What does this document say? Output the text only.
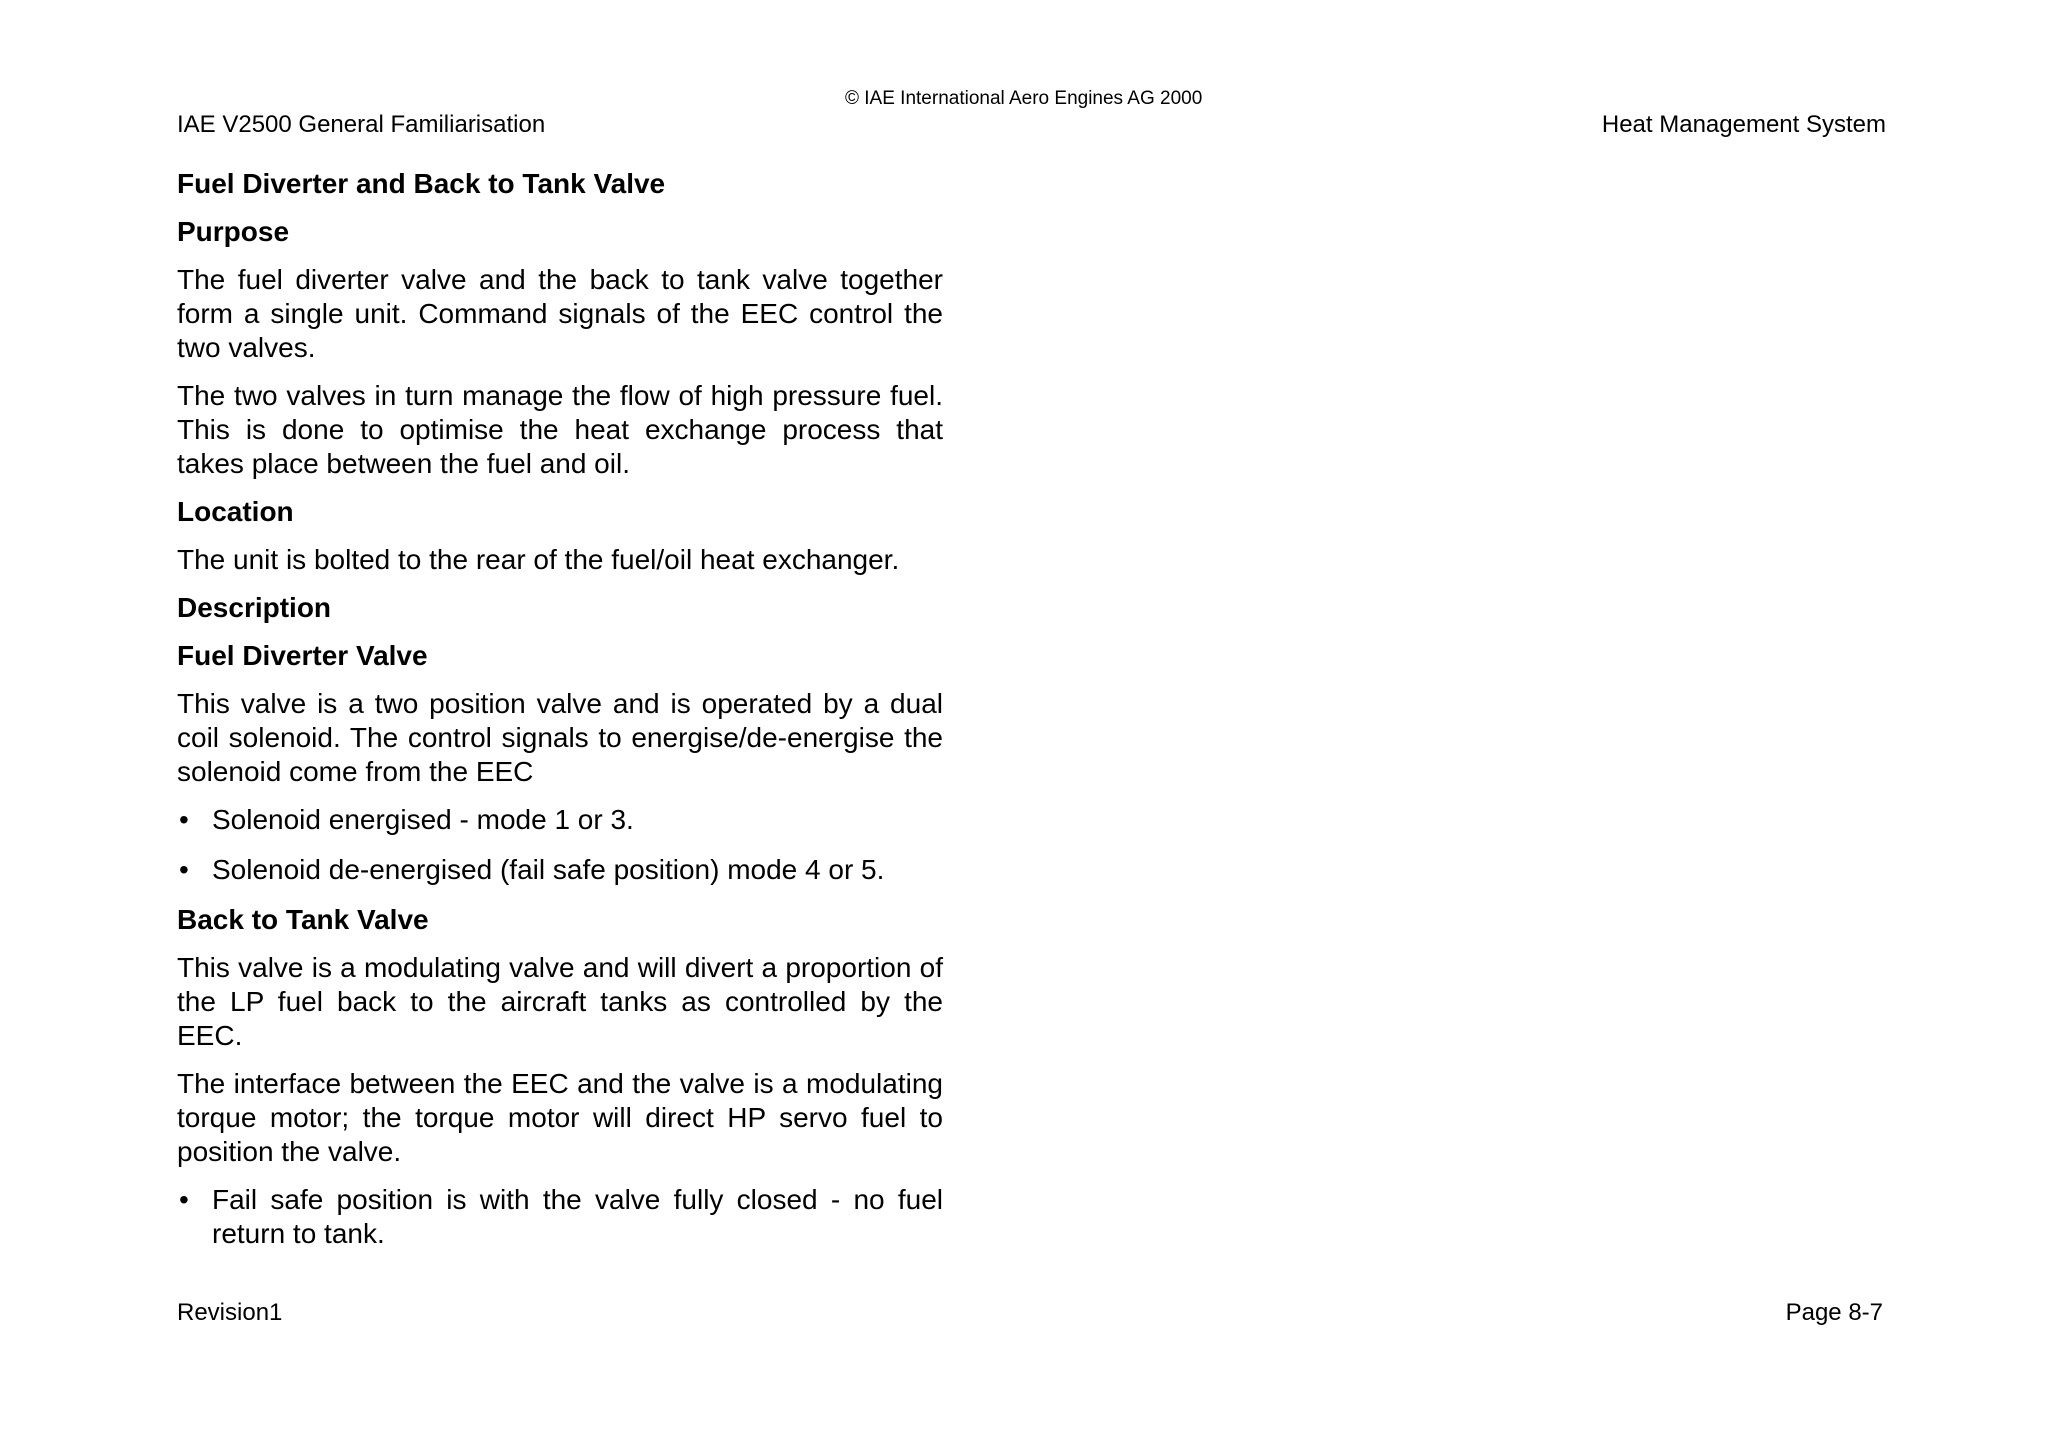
© IAE International Aero Engines AG 2000
IAE V2500 General Familiarisation	Heat Management System
Fuel Diverter and Back to Tank Valve
Purpose
The fuel diverter valve and the back to tank valve together form a single unit. Command signals of the EEC control the two valves.
The two valves in turn manage the flow of high pressure fuel. This is done to optimise the heat exchange process that takes place between the fuel and oil.
Location
The unit is bolted to the rear of the fuel/oil heat exchanger.
Description
Fuel Diverter Valve
This valve is a two position valve and is operated by a dual coil solenoid. The control signals to energise/de-energise the solenoid come from the EEC
• Solenoid energised - mode 1 or 3.
• Solenoid de-energised (fail safe position) mode 4 or 5.
Back to Tank Valve
This valve is a modulating valve and will divert a proportion of the LP fuel back to the aircraft tanks as controlled by the EEC.
The interface between the EEC and the valve is a modulating torque motor; the torque motor will direct HP servo fuel to position the valve.
• Fail safe position is with the valve fully closed - no fuel return to tank.
Revision1	Page 8-7
